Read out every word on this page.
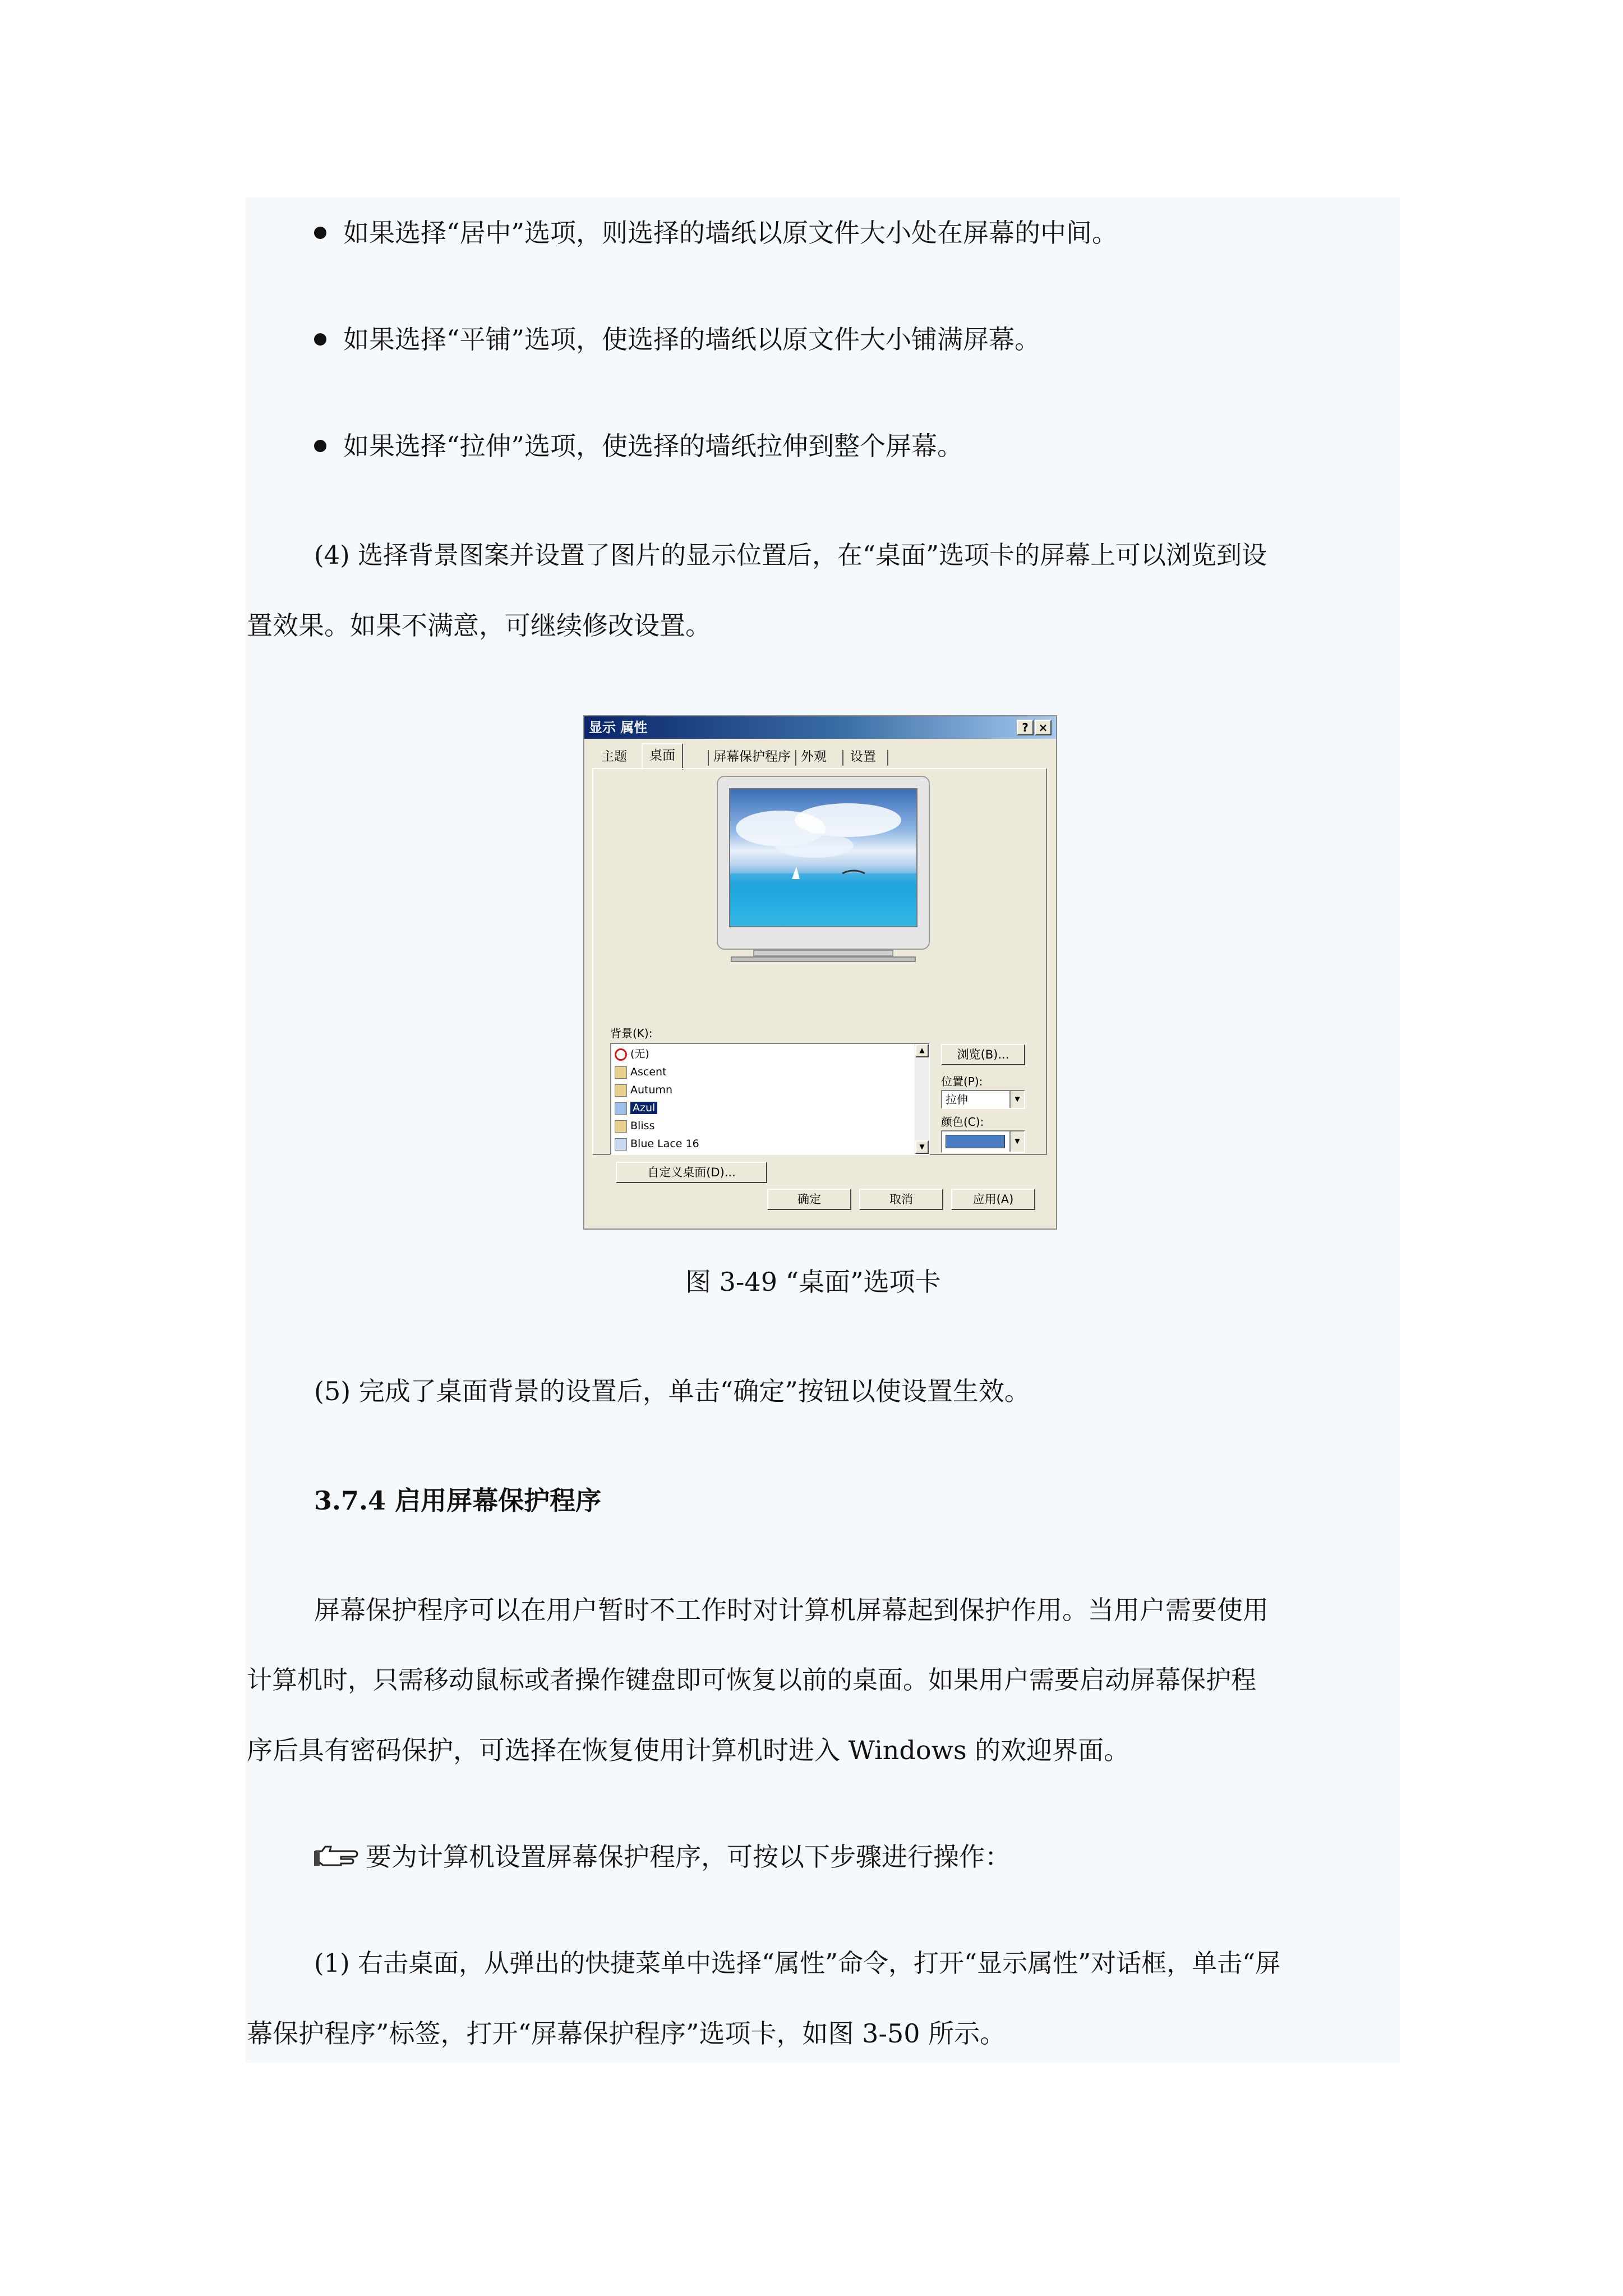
如果选择“居中”选项，则选择的墙纸以原文件大小处在屏幕的中间。
如果选择“平铺”选项，使选择的墙纸以原文件大小铺满屏幕。
如果选择“拉伸”选项，使选择的墙纸拉伸到整个屏幕。
(4) 选择背景图案并设置了图片的显示位置后，在“桌面”选项卡的屏幕上可以浏览到设
置效果。如果不满意，可继续修改设置。
显示 属性	? ×
主题	桌面	屏幕保护程序 外观 设置
背景(K):
(无)
Ascent
Autumn
Azul
Bliss
Blue Lace 16
▲
▼
浏览(B)...
位置(P):
拉伸	▼
颜色(C):
▼
自定义桌面(D)...
确定	取消	应用(A)
图 3-49 “桌面”选项卡
(5) 完成了桌面背景的设置后，单击“确定”按钮以使设置生效。
3.7.4 启用屏幕保护程序
屏幕保护程序可以在用户暂时不工作时对计算机屏幕起到保护作用。当用户需要使用
计算机时，只需移动鼠标或者操作键盘即可恢复以前的桌面。如果用户需要启动屏幕保护程
序后具有密码保护，可选择在恢复使用计算机时进入 Windows 的欢迎界面。
要为计算机设置屏幕保护程序，可按以下步骤进行操作：
(1) 右击桌面，从弹出的快捷菜单中选择“属性”命令，打开“显示属性”对话框，单击“屏
幕保护程序”标签，打开“屏幕保护程序”选项卡，如图 3-50 所示。
